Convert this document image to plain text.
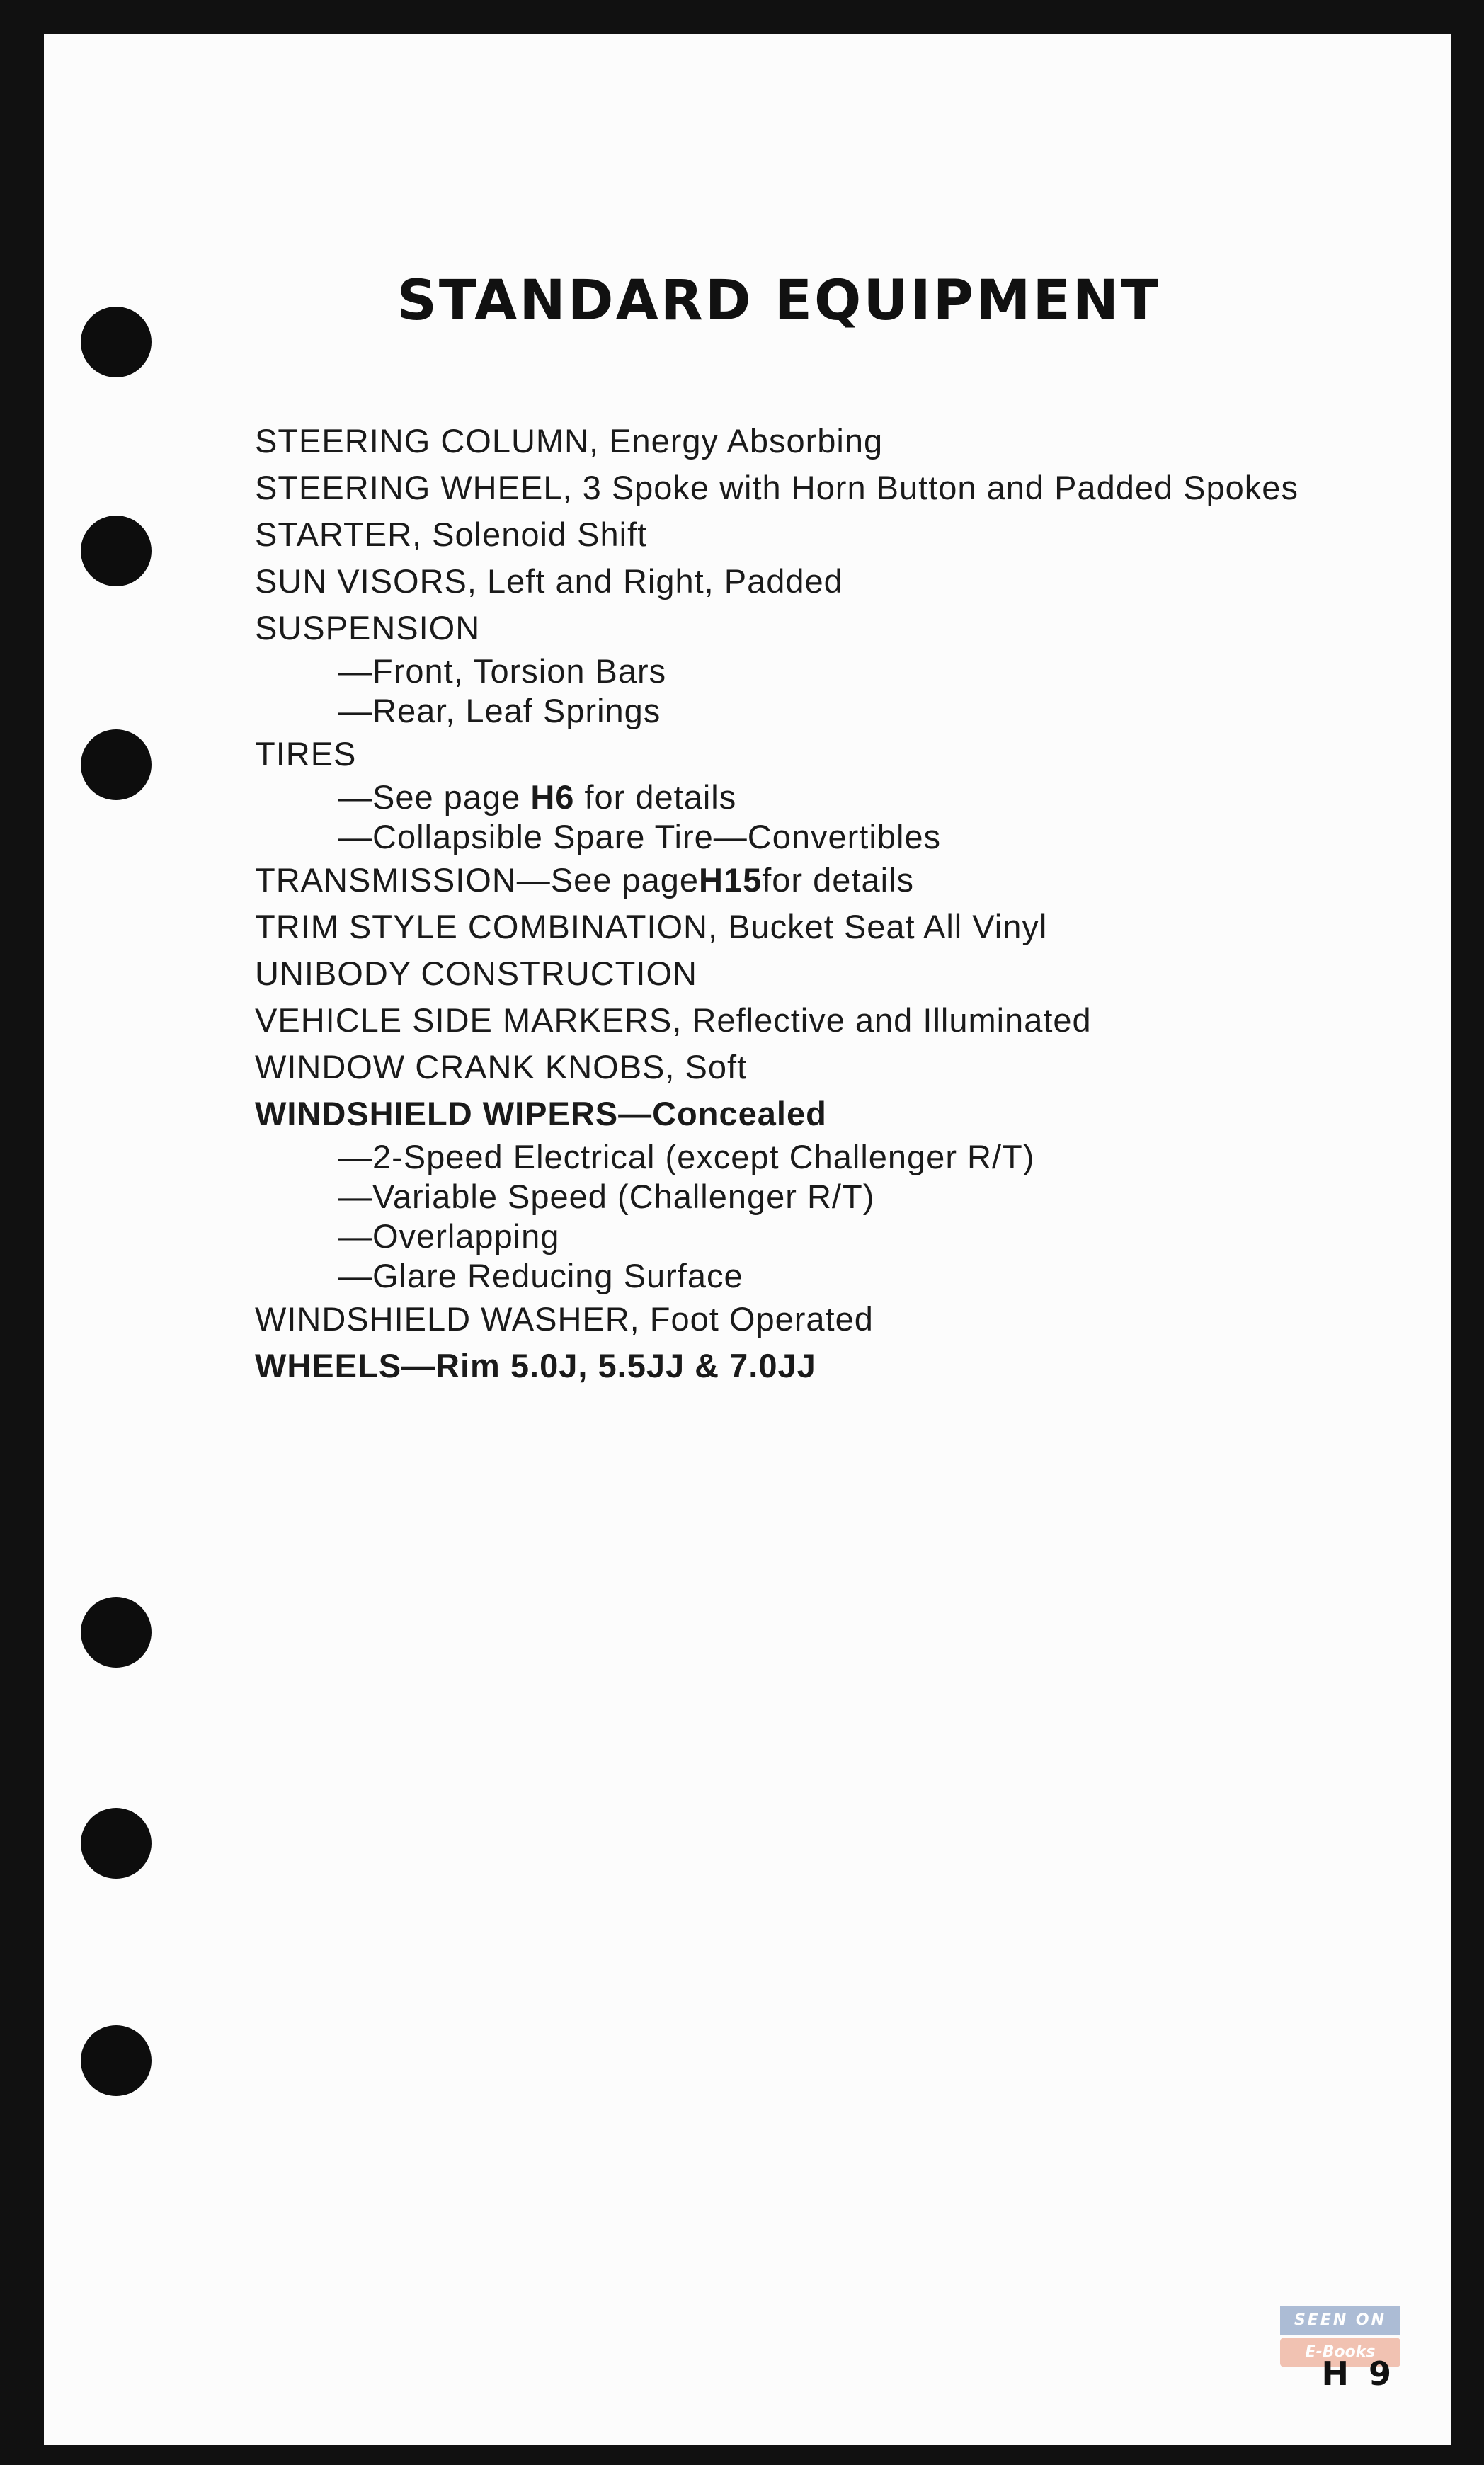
STANDARD EQUIPMENT
STEERING COLUMN, Energy Absorbing
STEERING WHEEL, 3 Spoke with Horn Button and Padded Spokes
STARTER, Solenoid Shift
SUN VISORS, Left and Right, Padded
SUSPENSION
—Front, Torsion Bars
—Rear, Leaf Springs
TIRES
—See page H6 for details
—Collapsible Spare Tire—Convertibles
TRANSMISSION—See pageH15for details
TRIM STYLE COMBINATION, Bucket Seat All Vinyl
UNIBODY CONSTRUCTION
VEHICLE SIDE MARKERS, Reflective and Illuminated
WINDOW CRANK KNOBS, Soft
WINDSHIELD WIPERS—Concealed
—2-Speed Electrical (except Challenger R/T)
—Variable Speed (Challenger R/T)
—Overlapping
—Glare Reducing Surface
WINDSHIELD WASHER, Foot Operated
WHEELS—Rim 5.0J, 5.5JJ & 7.0JJ
SEEN ON
E-Books
H 9
